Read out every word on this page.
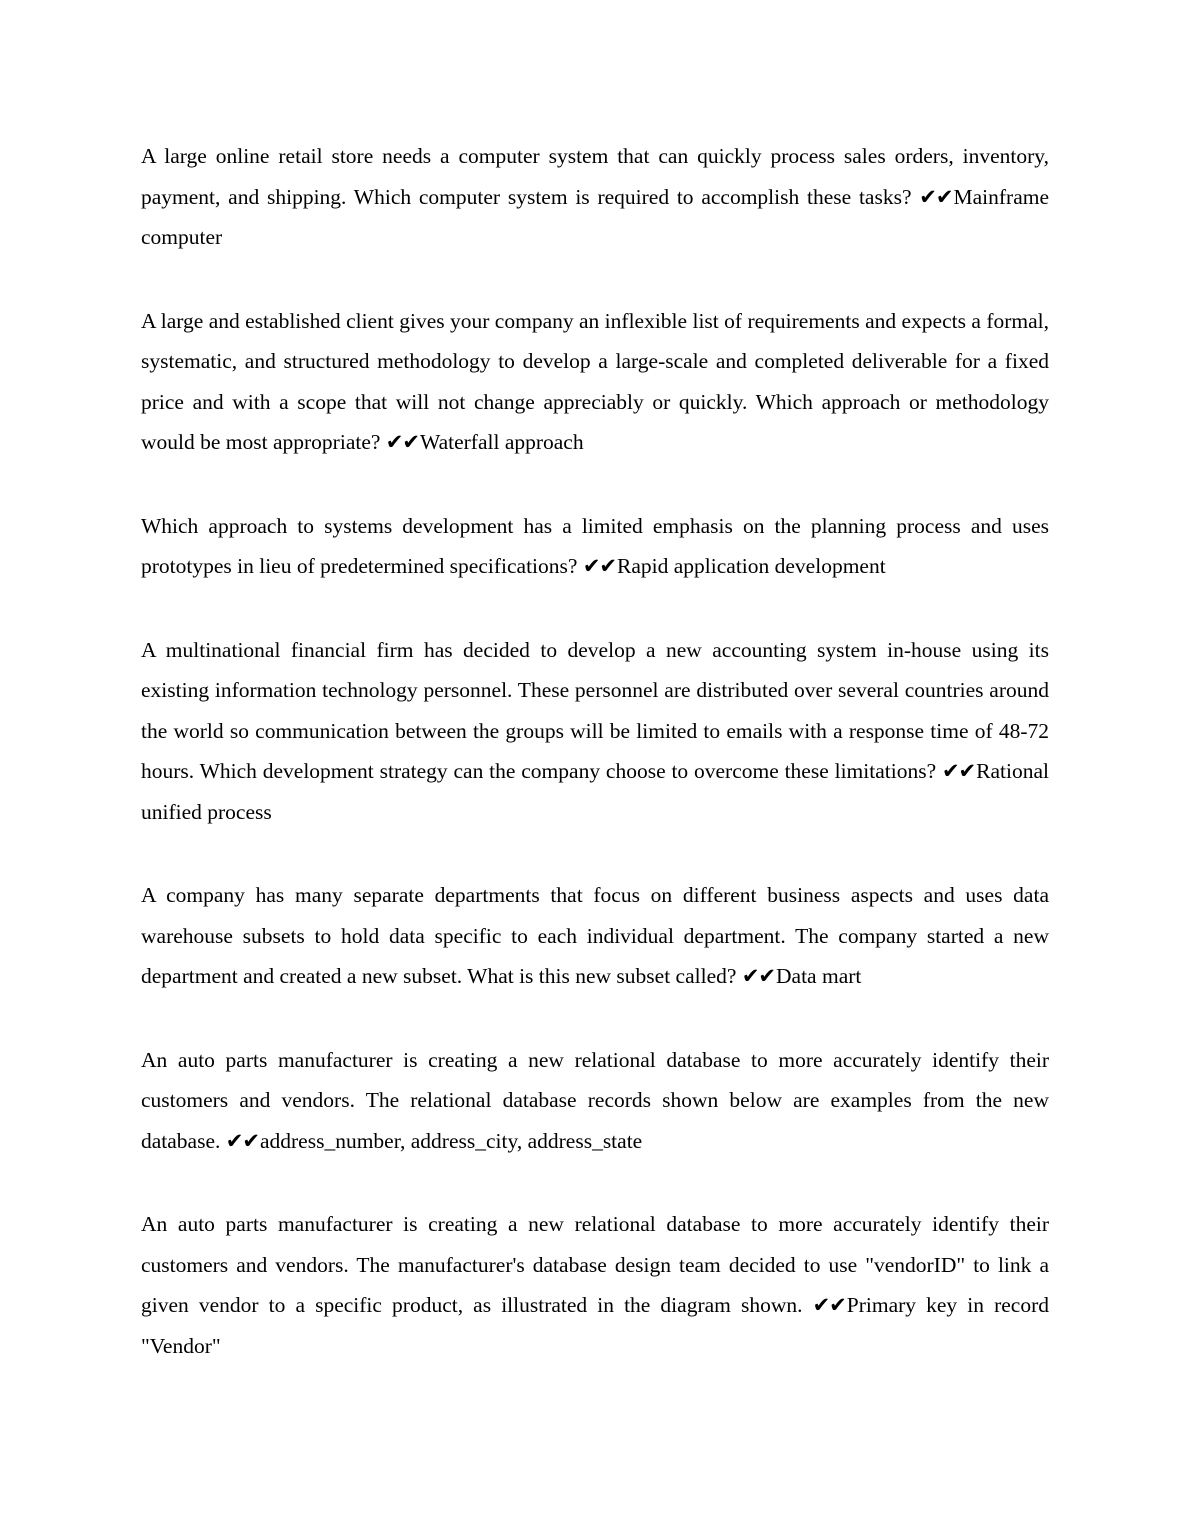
A large online retail store needs a computer system that can quickly process sales orders, inventory, payment, and shipping. Which computer system is required to accomplish these tasks? ✔✔Mainframe computer

A large and established client gives your company an inflexible list of requirements and expects a formal, systematic, and structured methodology to develop a large-scale and completed deliverable for a fixed price and with a scope that will not change appreciably or quickly. Which approach or methodology would be most appropriate? ✔✔Waterfall approach

Which approach to systems development has a limited emphasis on the planning process and uses prototypes in lieu of predetermined specifications? ✔✔Rapid application development

A multinational financial firm has decided to develop a new accounting system in-house using its existing information technology personnel. These personnel are distributed over several countries around the world so communication between the groups will be limited to emails with a response time of 48-72 hours. Which development strategy can the company choose to overcome these limitations? ✔✔Rational unified process

A company has many separate departments that focus on different business aspects and uses data warehouse subsets to hold data specific to each individual department. The company started a new department and created a new subset. What is this new subset called? ✔✔Data mart

An auto parts manufacturer is creating a new relational database to more accurately identify their customers and vendors. The relational database records shown below are examples from the new database. ✔✔address_number, address_city, address_state

An auto parts manufacturer is creating a new relational database to more accurately identify their customers and vendors. The manufacturer's database design team decided to use "vendorID" to link a given vendor to a specific product, as illustrated in the diagram shown. ✔✔Primary key in record "Vendor"
